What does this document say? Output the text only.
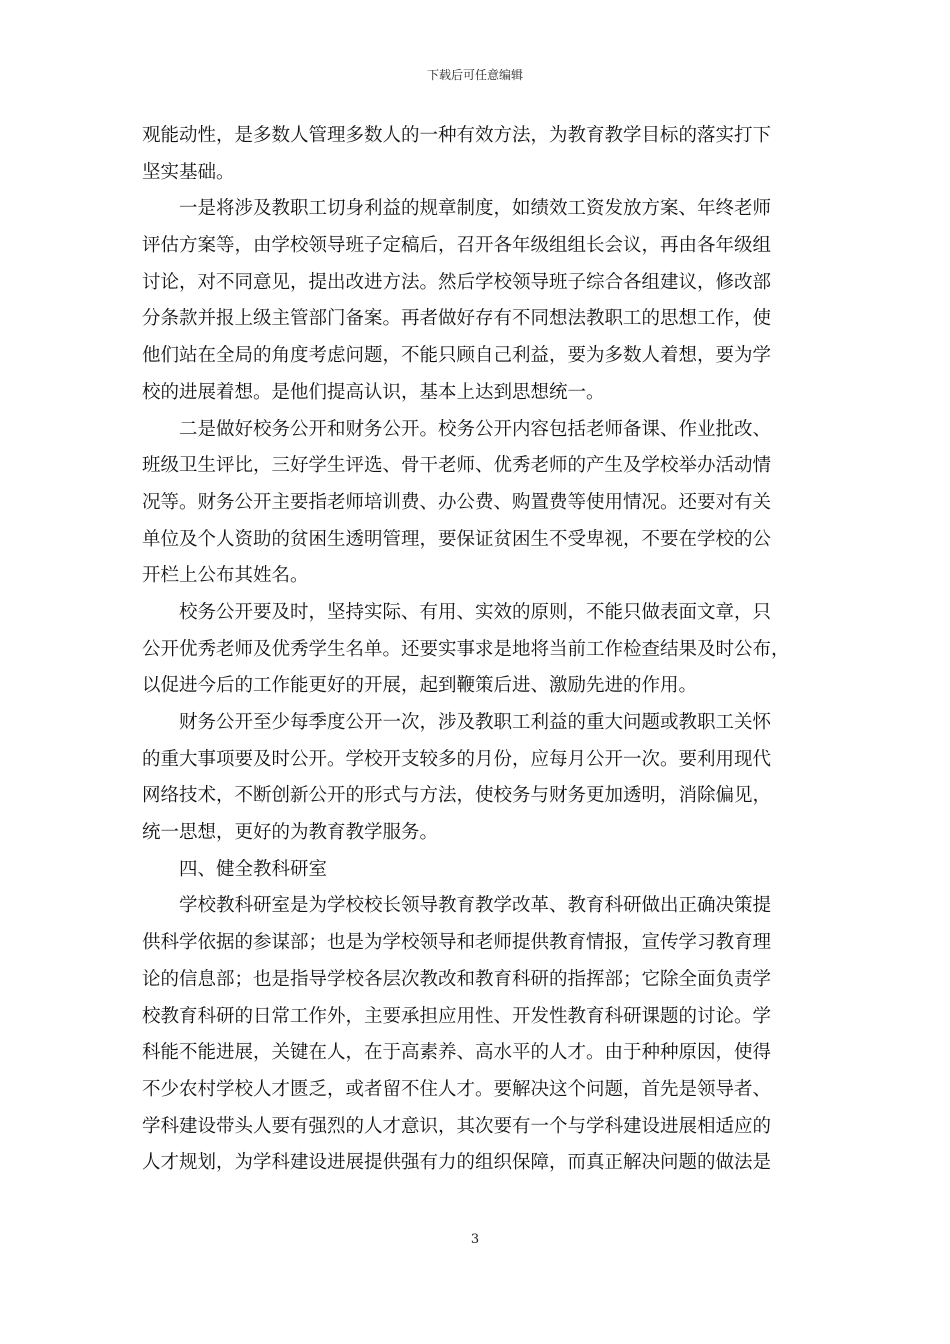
下载后可任意编辑
观能动性，是多数人管理多数人的一种有效方法，为教育教学目标的落实打下
坚实基础。
一是将涉及教职工切身利益的规章制度，如绩效工资发放方案、年终老师
评估方案等，由学校领导班子定稿后，召开各年级组组长会议，再由各年级组
讨论，对不同意见，提出改进方法。然后学校领导班子综合各组建议，修改部
分条款并报上级主管部门备案。再者做好存有不同想法教职工的思想工作，使
他们站在全局的角度考虑问题，不能只顾自己利益，要为多数人着想，要为学
校的进展着想。是他们提高认识，基本上达到思想统一。
二是做好校务公开和财务公开。校务公开内容包括老师备课、作业批改、
班级卫生评比，三好学生评选、骨干老师、优秀老师的产生及学校举办活动情
况等。财务公开主要指老师培训费、办公费、购置费等使用情况。还要对有关
单位及个人资助的贫困生透明管理，要保证贫困生不受卑视，不要在学校的公
开栏上公布其姓名。
校务公开要及时，坚持实际、有用、实效的原则，不能只做表面文章，只
公开优秀老师及优秀学生名单。还要实事求是地将当前工作检查结果及时公布，
以促进今后的工作能更好的开展，起到鞭策后进、激励先进的作用。
财务公开至少每季度公开一次，涉及教职工利益的重大问题或教职工关怀
的重大事项要及时公开。学校开支较多的月份，应每月公开一次。要利用现代
网络技术，不断创新公开的形式与方法，使校务与财务更加透明，消除偏见，
统一思想，更好的为教育教学服务。
四、健全教科研室
学校教科研室是为学校校长领导教育教学改革、教育科研做出正确决策提
供科学依据的参谋部；也是为学校领导和老师提供教育情报，宣传学习教育理
论的信息部；也是指导学校各层次教改和教育科研的指挥部；它除全面负责学
校教育科研的日常工作外，主要承担应用性、开发性教育科研课题的讨论。学
科能不能进展，关键在人，在于高素养、高水平的人才。由于种种原因，使得
不少农村学校人才匮乏，或者留不住人才。要解决这个问题，首先是领导者、
学科建设带头人要有强烈的人才意识，其次要有一个与学科建设进展相适应的
人才规划，为学科建设进展提供强有力的组织保障，而真正解决问题的做法是
3
